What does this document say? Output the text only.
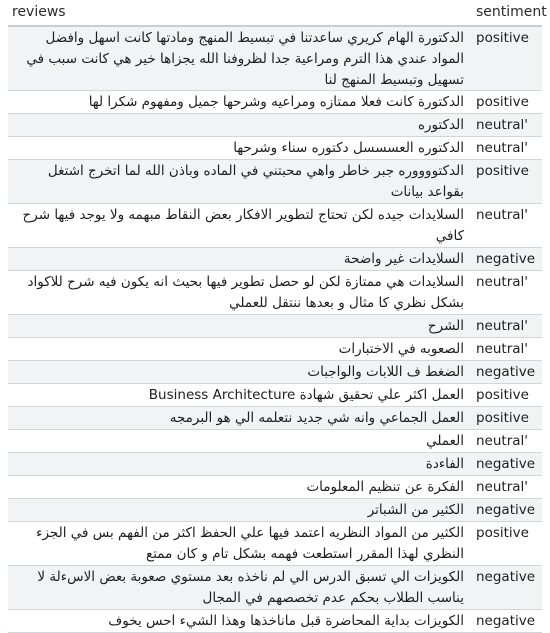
reviews	sentiment
الدكتورة الهام كريري ساعدتنا في تبسيط المنهج ومادتها كانت اسهل وافضل المواد عندي هذا الترم ومراعية جدا لظروفنا الله يجزاها خير هي كانت سبب في تسهيل وتبسيط المنهج لنا
positive
الدكتورة كانت فعلا ممتازه ومراعيه وشرحها جميل ومفهوم شكرا لها positive
الدكتوره neutral'
الدكتوره العسسسل دكتوره سناء وشرحها neutral'
الدكتووووره جبر خاطر واهي محبتني في الماده وباذن الله لما اتخرج اشتغل بقواعد بيانات
positive
السلايدات جيده لكن تحتاج لتطوير الافكار بعض النقاط مبهمه ولا يوجد فيها شرح كافي
neutral'
السلايدات غير واضحة negative
السلايدات هي ممتازة لكن لو حصل تطوير فيها بحيث انه يكون فيه شرح للاكواد بشكل نظري كا مثال و بعدها ننتقل للعملي
neutral'
الشرح neutral'
الصعوبه في الاختبارات neutral'
الضغط ف اللابات والواجبات negative
العمل اكثر علي تحقيق شهادة Business Architecture positive
العمل الجماعي وانه شي جديد نتعلمه الي هو البرمجه positive
العملي neutral'
الفاءدة negative
الفكرة عن تنظيم المعلومات neutral'
الكثير من الشباتر negative
الكثير من المواد النظريه اعتمد فيها علي الحفظ اكثر من الفهم بس في الجزء النظري لهذا المقرر استطعت فهمه بشكل تام و كان ممتع
positive
الكويزات الي تسبق الدرس الي لم ناخذه بعد مستوي صعوبة بعض الاسءلة لا يناسب الطلاب بحكم عدم تخصصهم في المجال
negative
الكويزات بداية المحاضرة قبل ماناخذها وهذا الشيء احس يخوف negative
